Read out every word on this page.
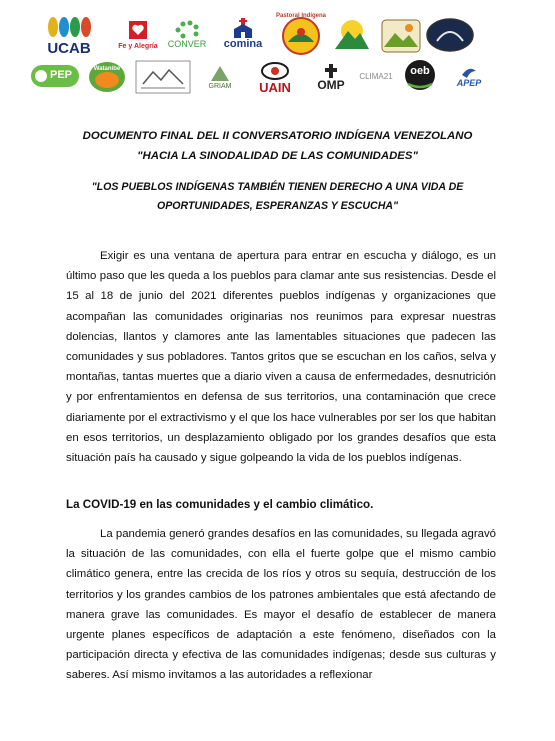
UCAB	Fe y Alegría CONVER comina
Pastoral Indígena
PEP	Watanibe
GRIAM UAIN OMP
CLIMA21 oeb
APEP
DOCUMENTO FINAL DEL II CONVERSATORIO INDÍGENA VENEZOLANO
"HACIA LA SINODALIDAD DE LAS COMUNIDADES"
"LOS PUEBLOS INDÍGENAS TAMBIÉN TIENEN DERECHO A UNA VIDA DE
OPORTUNIDADES, ESPERANZAS Y ESCUCHA"

Exigir es una ventana de apertura para entrar en escucha y diálogo, es un último paso que les queda a los pueblos para clamar ante sus resistencias. Desde el 15 al 18 de junio del 2021 diferentes pueblos indígenas y organizaciones que acompañan las comunidades originarias nos reunimos para expresar nuestras dolencias, llantos y clamores ante las lamentables situaciones que padecen las comunidades y sus pobladores. Tantos gritos que se escuchan en los caños, selva y montañas, tantas muertes que a diario viven a causa de enfermedades, desnutrición y por enfrentamientos en defensa de sus territorios, una contaminación que crece diariamente por el extractivismo y el que los hace vulnerables por ser los que habitan en esos territorios, un desplazamiento obligado por los grandes desafíos que esta situación país ha causado y sigue golpeando la vida de los pueblos indígenas.

La COVID-19 en las comunidades y el cambio climático.

La pandemia generó grandes desafíos en las comunidades, su llegada agravó la situación de las comunidades, con ella el fuerte golpe que el mismo cambio climático genera, entre las crecida de los ríos y otros su sequía, destrucción de los territorios y los grandes cambios de los patrones ambientales que está afectando de manera grave las comunidades. Es mayor el desafío de establecer de manera urgente planes específicos de adaptación a este fenómeno, diseñados con la participación directa y efectiva de las comunidades indígenas; desde sus culturas y saberes. Así mismo invitamos a las autoridades a reflexionar
